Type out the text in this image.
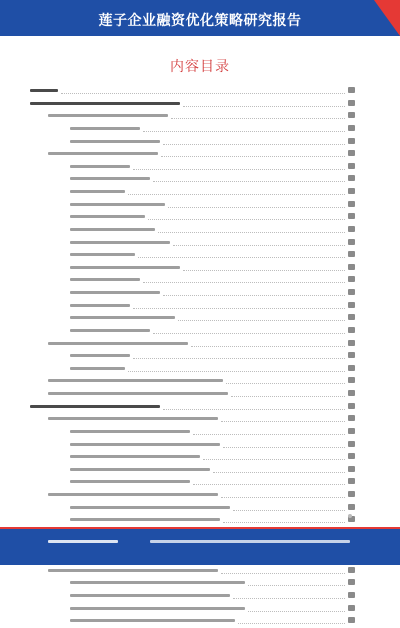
莲子企业融资优化策略研究报告
内容目录
